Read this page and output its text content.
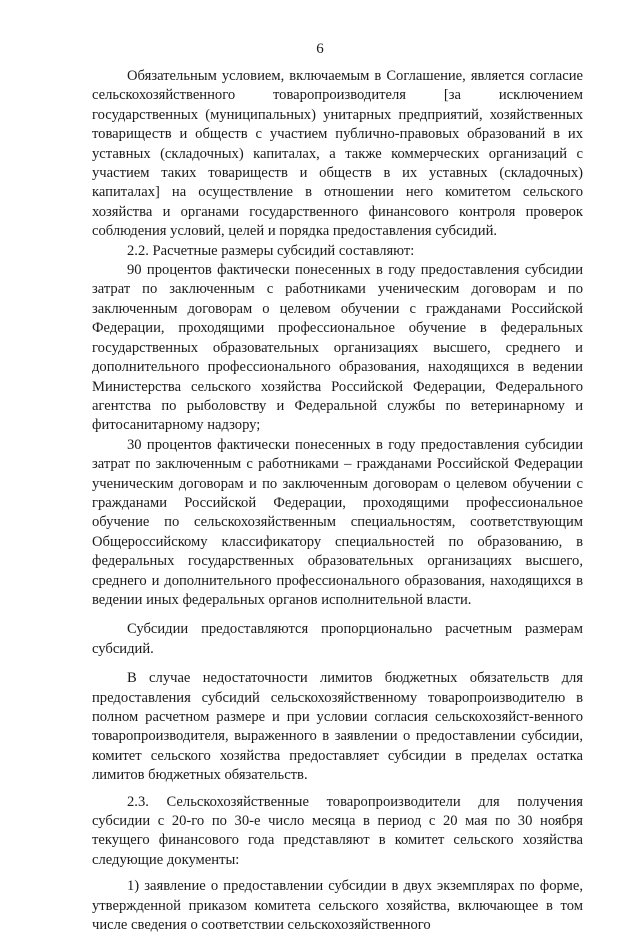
6

Обязательным условием, включаемым в Соглашение, является согласие сельскохозяйственного товаропроизводителя [за исключением государственных (муниципальных) унитарных предприятий, хозяйственных товариществ и обществ с участием публично-правовых образований в их уставных (складочных) капиталах, а также коммерческих организаций с участием таких товариществ и обществ в их уставных (складочных) капиталах] на осуществление в отношении него комитетом сельского хозяйства и органами государственного финансового контроля проверок соблюдения условий, целей и порядка предоставления субсидий.

2.2. Расчетные размеры субсидий составляют:

90 процентов фактически понесенных в году предоставления субсидии затрат по заключенным с работниками ученическим договорам и по заключенным договорам о целевом обучении с гражданами Российской Федерации, проходящими профессиональное обучение в федеральных государственных образовательных организациях высшего, среднего и дополнительного профессионального образования, находящихся в ведении Министерства сельского хозяйства Российской Федерации, Федерального агентства по рыболовству и Федеральной службы по ветеринарному и фитосанитарному надзору;

30 процентов фактически понесенных в году предоставления субсидии затрат по заключенным с работниками – гражданами Российской Федерации ученическим договорам и по заключенным договорам о целевом обучении с гражданами Российской Федерации, проходящими профессиональное обучение по сельскохозяйственным специальностям, соответствующим Общероссийскому классификатору специальностей по образованию, в федеральных государственных образовательных организациях высшего, среднего и дополнительного профессионального образования, находящихся в ведении иных федеральных органов исполнительной власти.

Субсидии предоставляются пропорционально расчетным размерам субсидий.

В случае недостаточности лимитов бюджетных обязательств для предоставления субсидий сельскохозяйственному товаропроизводителю в полном расчетном размере и при условии согласия сельскохозяйст-венного товаропроизводителя, выраженного в заявлении о предоставлении субсидии, комитет сельского хозяйства предоставляет субсидии в пределах остатка лимитов бюджетных обязательств.

2.3. Сельскохозяйственные товаропроизводители для получения субсидии с 20-го по 30-е число месяца в период с 20 мая по 30 ноября текущего финансового года представляют в комитет сельского хозяйства следующие документы:

1) заявление о предоставлении субсидии в двух экземплярах по форме, утвержденной приказом комитета сельского хозяйства, включающее в том числе сведения о соответствии сельскохозяйственного
